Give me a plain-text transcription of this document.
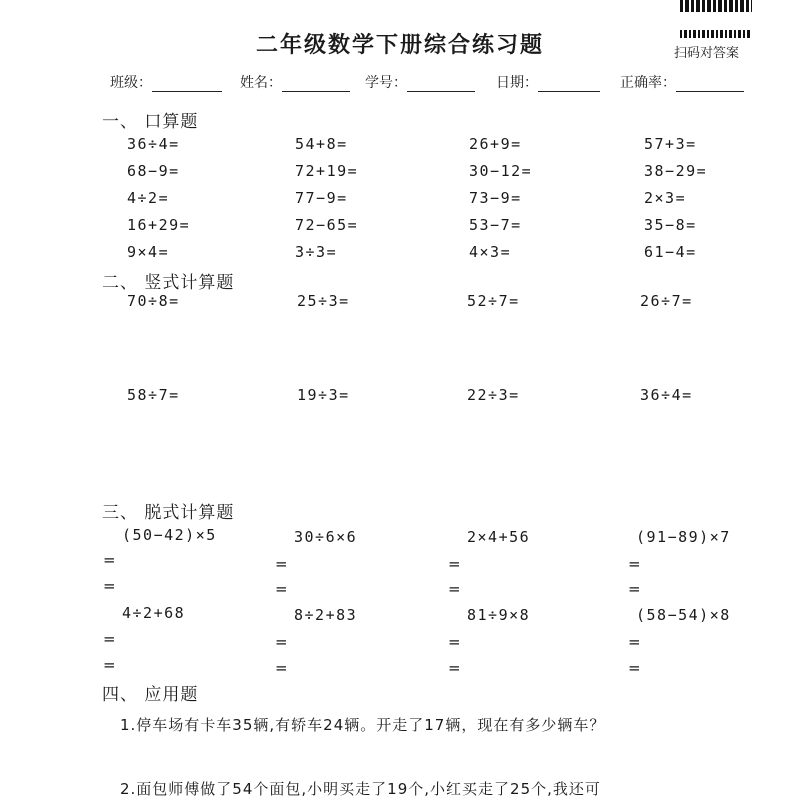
扫码对答案
二年级数学下册综合练习题
班级：	姓名：	学号：	日期：	正确率：
一、 口算题
36÷4=	54+8=	26+9=	57+3=
68−9=	72+19=	30−12=	38−29=
4÷2=	77−9=	73−9=	2×3=
16+29=	72−65=	53−7=	35−8=
9×4=	3÷3=	4×3=	61−4=
二、 竖式计算题
70÷8=	25÷3=	52÷7=	26÷7=
58÷7=	19÷3=	22÷3=	36÷4=
三、 脱式计算题
(50−42)×5	30÷6×6	2×4+56	(91−89)×7
=	=	=	=
=	=	=	=
4÷2+68	8÷2+83	81÷9×8	(58−54)×8
=	=	=	=
=	=	=	=
四、 应用题
1.停车场有卡车35辆,有轿车24辆。开走了17辆，现在有多少辆车？
2.面包师傅做了54个面包,小明买走了19个,小红买走了25个,我还可
